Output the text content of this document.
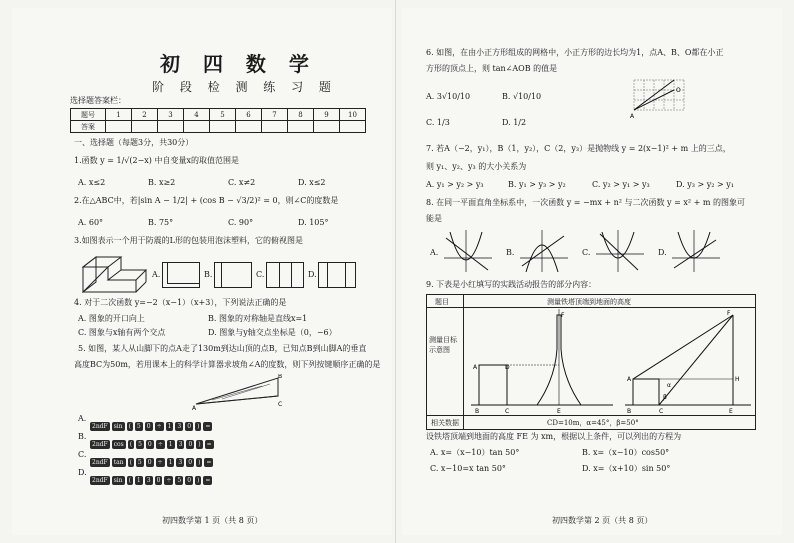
初 四 数 学
阶 段 检 测 练 习 题
选择题答案栏：
题号	1	2	3	4	5	6	7	8	9	10
答案										
一、选择题（每题3分，共30分）
1.函数 y = 1/√(2−x) 中自变量x的取值范围是
A. x≤2	B. x≥2	C. x≠2	D. x≤2
2.在△ABC中，若|sin A − 1/2| + (cos B − √3/2)² = 0，则∠C的度数是
A. 60°	B. 75°	C. 90°	D. 105°
3.如图表示一个用于防震的L形的包装用泡沫塑料，它的俯视图是
A.	B.	C.	D.
4. 对于二次函数 y=−2（x−1）（x+3），下列说法正确的是
A. 图象的开口向上	B. 图象的对称轴是直线x=1
C. 图象与x轴有两个交点	D. 图象与y轴交点坐标是（0，−6）
5. 如图，某人从山脚下的点A走了130m到达山顶的点B，已知点B到山脚A的垂直
高度BC为50m，若用课本上的科学计算器求坡角∠A的度数，则下列按键顺序正确的是
A
B
C
A.
2ndF sin ( 5 0 ÷ 1 3 0 ) =
B.
2ndF cos ( 5 0 ÷ 1 3 0 ) =
C.
2ndF tan ( 5 0 ÷ 1 3 0 ) =
D.
2ndF sin ( 1 3 0 ÷ 5 0 ) =
初四数学第 1 页（共 8 页）
6. 如图，在由小正方形组成的网格中，小正方形的边长均为1，点A、B、O都在小正
方形的顶点上，则 tan∠AOB 的值是
O
A
A. 3√10/10	B. √10/10
C. 1/3	D. 1/2
7. 若A（−2，y₁），B（1，y₂），C（2，y₃）是抛物线 y = 2(x−1)² + m 上的三点，
则 y₁、y₂、y₃ 的大小关系为
A. y₁ > y₂ > y₃	B. y₁ > y₃ > y₂	C. y₂ > y₁ > y₃	D. y₃ > y₂ > y₁
8. 在同一平面直角坐标系中，一次函数 y = −mx + n² 与二次函数 y = x² + m 的图象可
能是
A.	B.	C.	D.
9. 下表是小红填写的实践活动报告的部分内容：
题目	测量铁塔顶端到地面的高度
测量目标示意图
相关数据	CD=10m，α=45°，β=50°
A	D
B	C	E
F	F
H
A
B	C	E
α
β
设铁塔顶端到地面的高度 FE 为 xm，根据以上条件，可以列出的方程为
A. x=（x−10）tan 50°	B. x=（x−10）cos50°
C. x−10=x tan 50°	D. x=（x+10）sin 50°
初四数学第 2 页（共 8 页）
